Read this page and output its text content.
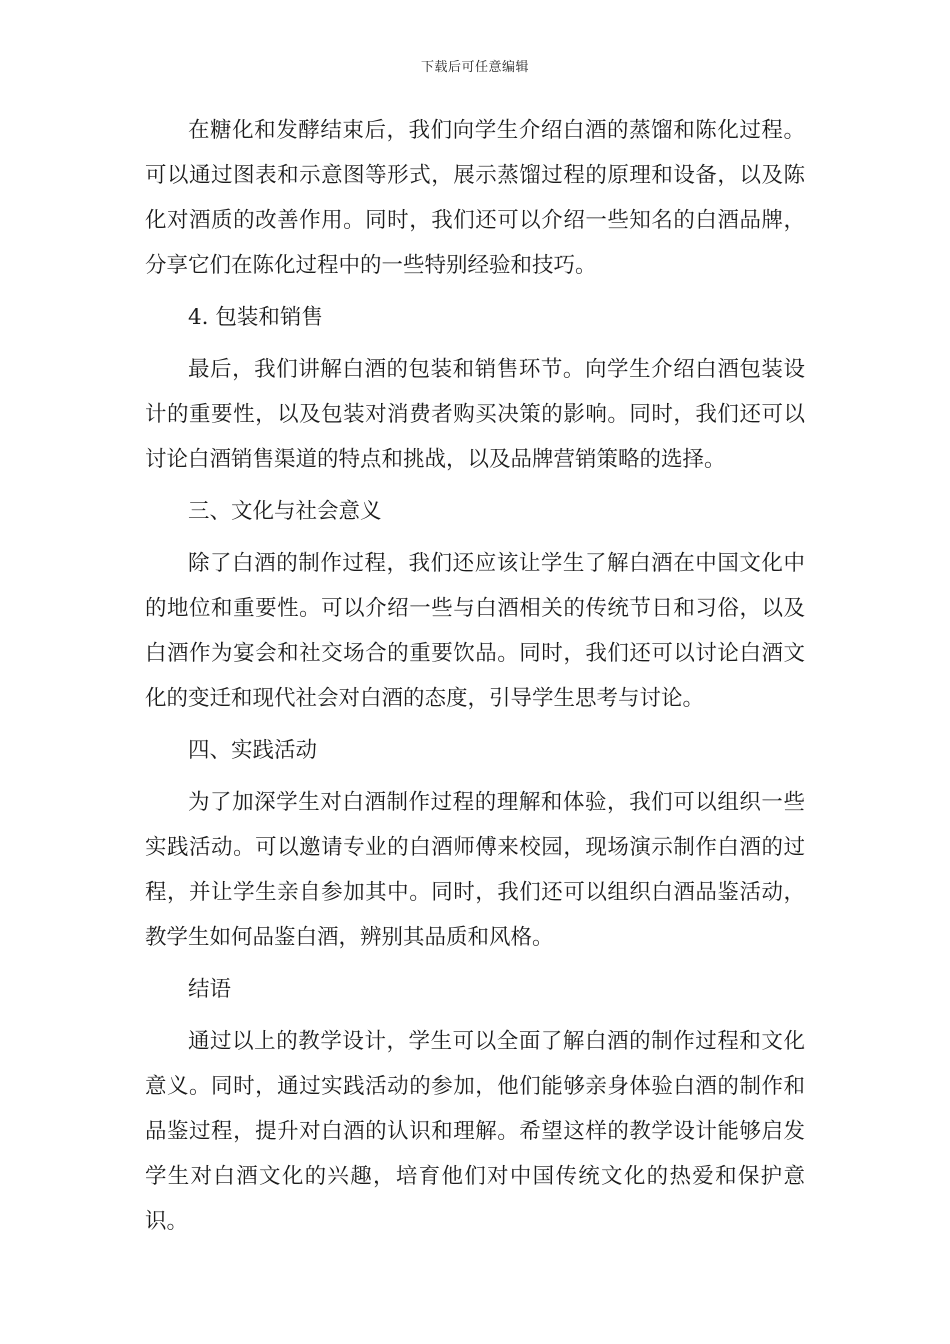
下载后可任意编辑

在糖化和发酵结束后，我们向学生介绍白酒的蒸馏和陈化过程。可以通过图表和示意图等形式，展示蒸馏过程的原理和设备，以及陈化对酒质的改善作用。同时，我们还可以介绍一些知名的白酒品牌，分享它们在陈化过程中的一些特别经验和技巧。

4. 包装和销售

最后，我们讲解白酒的包装和销售环节。向学生介绍白酒包装设计的重要性，以及包装对消费者购买决策的影响。同时，我们还可以讨论白酒销售渠道的特点和挑战，以及品牌营销策略的选择。

三、文化与社会意义

除了白酒的制作过程，我们还应该让学生了解白酒在中国文化中的地位和重要性。可以介绍一些与白酒相关的传统节日和习俗，以及白酒作为宴会和社交场合的重要饮品。同时，我们还可以讨论白酒文化的变迁和现代社会对白酒的态度，引导学生思考与讨论。

四、实践活动

为了加深学生对白酒制作过程的理解和体验，我们可以组织一些实践活动。可以邀请专业的白酒师傅来校园，现场演示制作白酒的过程，并让学生亲自参加其中。同时，我们还可以组织白酒品鉴活动，教学生如何品鉴白酒，辨别其品质和风格。

结语

通过以上的教学设计，学生可以全面了解白酒的制作过程和文化意义。同时，通过实践活动的参加，他们能够亲身体验白酒的制作和品鉴过程，提升对白酒的认识和理解。希望这样的教学设计能够启发学生对白酒文化的兴趣，培育他们对中国传统文化的热爱和保护意识。
